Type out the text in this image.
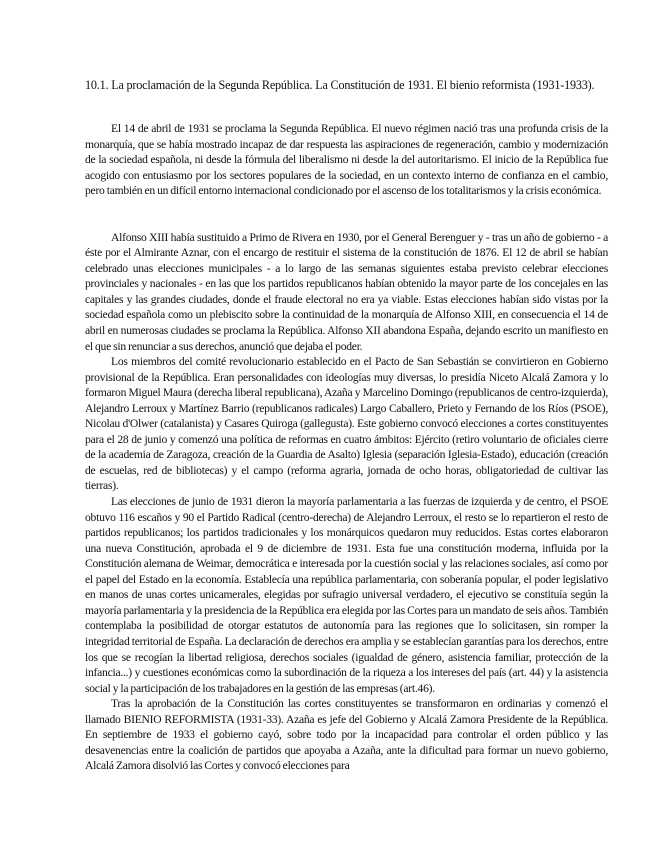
10.1. La proclamación de la Segunda República. La Constitución de 1931. El bienio reformista (1931-1933).

El 14 de abril de 1931 se proclama la Segunda República. El nuevo régimen nació tras una profunda crisis de la monarquía, que se había mostrado incapaz de dar respuesta las aspiraciones de regeneración, cambio y modernización de la sociedad española, ni desde la fórmula del liberalismo ni desde la del autoritarismo. El inicio de la República fue acogido con entusiasmo por los sectores populares de la sociedad, en un contexto interno de confianza en el cambio, pero también en un difícil entorno internacional condicionado por el ascenso de los totalitarismos y la crisis económica.

Alfonso XIII había sustituido a Primo de Rivera en 1930, por el General Berenguer y - tras un año de gobierno - a éste por el Almirante Aznar, con el encargo de restituir el sistema de la constitución de 1876. El 12 de abril se habían celebrado unas elecciones municipales - a lo largo de las semanas siguientes estaba previsto celebrar elecciones provinciales y nacionales - en las que los partidos republicanos habían obtenido la mayor parte de los concejales en las capitales y las grandes ciudades, donde el fraude electoral no era ya viable. Estas elecciones habían sido vistas por la sociedad española como un plebiscito sobre la continuidad de la monarquía de Alfonso XIII, en consecuencia el 14 de abril en numerosas ciudades se proclama la República. Alfonso XII abandona España, dejando escrito un manifiesto en el que sin renunciar a sus derechos, anunció que dejaba el poder.

Los miembros del comité revolucionario establecido en el Pacto de San Sebastián se convirtieron en Gobierno provisional de la República. Eran personalidades con ideologías muy diversas, lo presidía Niceto Alcalá Zamora y lo formaron Miguel Maura (derecha liberal republicana), Azaña y Marcelino Domingo (republicanos de centro-izquierda), Alejandro Lerroux y Martínez Barrio (republicanos radicales) Largo Caballero, Prieto y Fernando de los Ríos (PSOE), Nicolau d'Olwer (catalanista) y Casares Quiroga (gallegusta). Este gobierno convocó elecciones a cortes constituyentes para el 28 de junio y comenzó una política de reformas en cuatro ámbitos: Ejército (retiro voluntario de oficiales cierre de la academia de Zaragoza, creación de la Guardia de Asalto) Iglesia (separación Iglesia-Estado), educación (creación de escuelas, red de bibliotecas) y el campo (reforma agraria, jornada de ocho horas, obligatoriedad de cultivar las tierras).

Las elecciones de junio de 1931 dieron la mayoría parlamentaria a las fuerzas de izquierda y de centro, el PSOE obtuvo 116 escaños y 90 el Partido Radical (centro-derecha) de Alejandro Lerroux, el resto se lo repartieron el resto de partidos republicanos; los partidos tradicionales y los monárquicos quedaron muy reducidos. Estas cortes elaboraron una nueva Constitución, aprobada el 9 de diciembre de 1931. Esta fue una constitución moderna, influida por la Constitución alemana de Weimar, democrática e interesada por la cuestión social y las relaciones sociales, así como por el papel del Estado en la economía. Establecía una república parlamentaria, con soberanía popular, el poder legislativo en manos de unas cortes unicamerales, elegidas por sufragio universal verdadero, el ejecutivo se constituía según la mayoría parlamentaria y la presidencia de la República era elegida por las Cortes para un mandato de seis años. También contemplaba la posibilidad de otorgar estatutos de autonomía para las regiones que lo solicitasen, sin romper la integridad territorial de España. La declaración de derechos era amplia y se establecían garantías para los derechos, entre los que se recogían la libertad religiosa, derechos sociales (igualdad de género, asistencia familiar, protección de la infancia...) y cuestiones económicas como la subordinación de la riqueza a los intereses del país (art. 44) y la asistencia social y la participación de los trabajadores en la gestión de las empresas (art.46).

Tras la aprobación de la Constitución las cortes constituyentes se transformaron en ordinarias y comenzó el llamado BIENIO REFORMISTA (1931-33). Azaña es jefe del Gobierno y Alcalá Zamora Presidente de la República. En septiembre de 1933 el gobierno cayó, sobre todo por la incapacidad para controlar el orden público y las desavenencias entre la coalición de partidos que apoyaba a Azaña, ante la dificultad para formar un nuevo gobierno, Alcalá Zamora disolvió las Cortes y convocó elecciones para
